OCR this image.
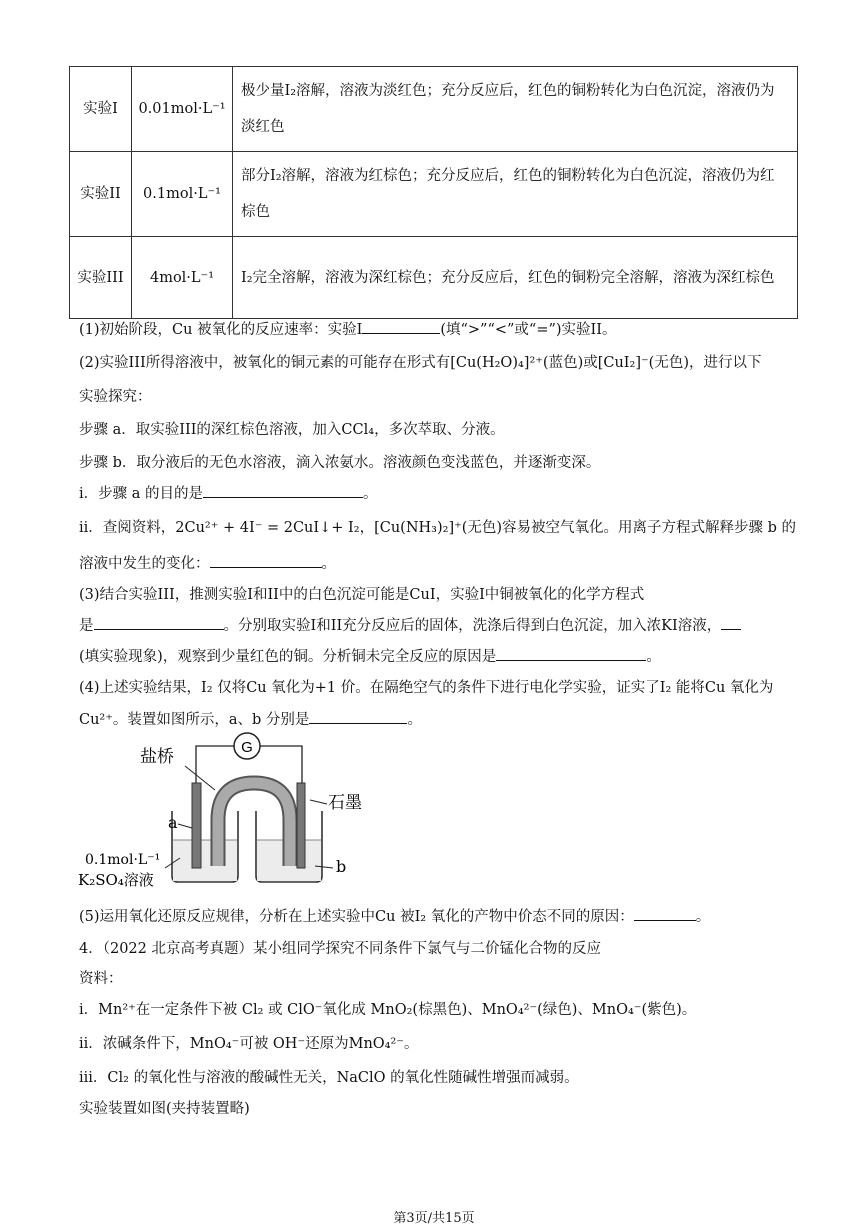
实验I	0.01mol·L⁻¹	极少量I₂溶解，溶液为淡红色；充分反应后，红色的铜粉转化为白色沉淀，溶液仍为淡红色
实验II	0.1mol·L⁻¹	部分I₂溶解，溶液为红棕色；充分反应后，红色的铜粉转化为白色沉淀，溶液仍为红棕色
实验III	4mol·L⁻¹	I₂完全溶解，溶液为深红棕色；充分反应后，红色的铜粉完全溶解，溶液为深红棕色
(1)初始阶段，Cu 被氧化的反应速率：实验I	(填“>”“<”或“=”)实验II。
(2)实验III所得溶液中，被氧化的铜元素的可能存在形式有[Cu(H₂O)₄]²⁺(蓝色)或[CuI₂]⁻(无色)，进行以下
实验探究：
步骤 a．取实验III的深红棕色溶液，加入CCl₄，多次萃取、分液。
步骤 b．取分液后的无色水溶液，滴入浓氨水。溶液颜色变浅蓝色，并逐渐变深。
i．步骤 a 的目的是	。
ii．查阅资料，2Cu²⁺ + 4I⁻ = 2CuI↓+ I₂，[Cu(NH₃)₂]⁺(无色)容易被空气氧化。用离子方程式解释步骤 b 的
溶液中发生的变化：	。
(3)结合实验III，推测实验I和II中的白色沉淀可能是CuI，实验I中铜被氧化的化学方程式
是	。分别取实验I和II充分反应后的固体，洗涤后得到白色沉淀，加入浓KI溶液，
(填实验现象)，观察到少量红色的铜。分析铜未完全反应的原因是	。
(4)上述实验结果，I₂ 仅将Cu 氧化为+1 价。在隔绝空气的条件下进行电化学实验，证实了I₂ 能将Cu 氧化为
Cu²⁺。装置如图所示，a、b 分别是	。
G
盐桥
a
石墨
b
0.1mol·L⁻¹
K₂SO₄溶液
(5)运用氧化还原反应规律，分析在上述实验中Cu 被I₂ 氧化的产物中价态不同的原因：	。
4．（2022 北京高考真题）某小组同学探究不同条件下氯气与二价锰化合物的反应
资料：
i．Mn²⁺在一定条件下被 Cl₂ 或 ClO⁻氧化成 MnO₂(棕黑色)、MnO₄²⁻(绿色)、MnO₄⁻(紫色)。
ii．浓碱条件下，MnO₄⁻可被 OH⁻还原为MnO₄²⁻。
iii．Cl₂ 的氧化性与溶液的酸碱性无关，NaClO 的氧化性随碱性增强而减弱。
实验装置如图(夹持装置略)
第3页/共15页
